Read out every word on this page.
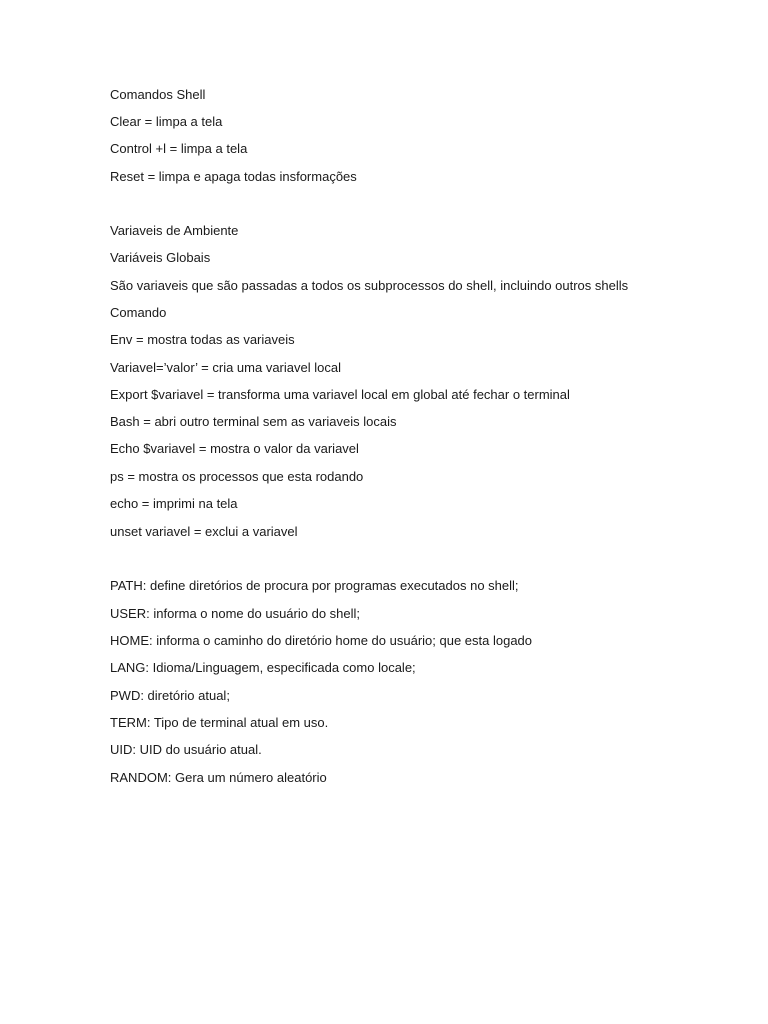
Comandos Shell
Clear = limpa a tela
Control +l = limpa a tela
Reset = limpa e apaga todas insformações
Variaveis de Ambiente
Variáveis Globais
São variaveis que são passadas a todos os subprocessos do shell, incluindo outros shells
Comando
Env = mostra todas as variaveis
Variavel=’valor’ = cria uma variavel local
Export $variavel = transforma uma variavel local em global até fechar o terminal
Bash = abri outro terminal sem as variaveis locais
Echo $variavel = mostra o valor da variavel
ps = mostra os processos que esta rodando
echo = imprimi na tela
unset variavel = exclui a variavel
PATH: define diretórios de procura por programas executados no shell;
USER: informa o nome do usuário do shell;
HOME: informa o caminho do diretório home do usuário; que esta logado
LANG: Idioma/Linguagem, especificada como locale;
PWD: diretório atual;
TERM: Tipo de terminal atual em uso.
UID: UID do usuário atual.
RANDOM: Gera um número aleatório
